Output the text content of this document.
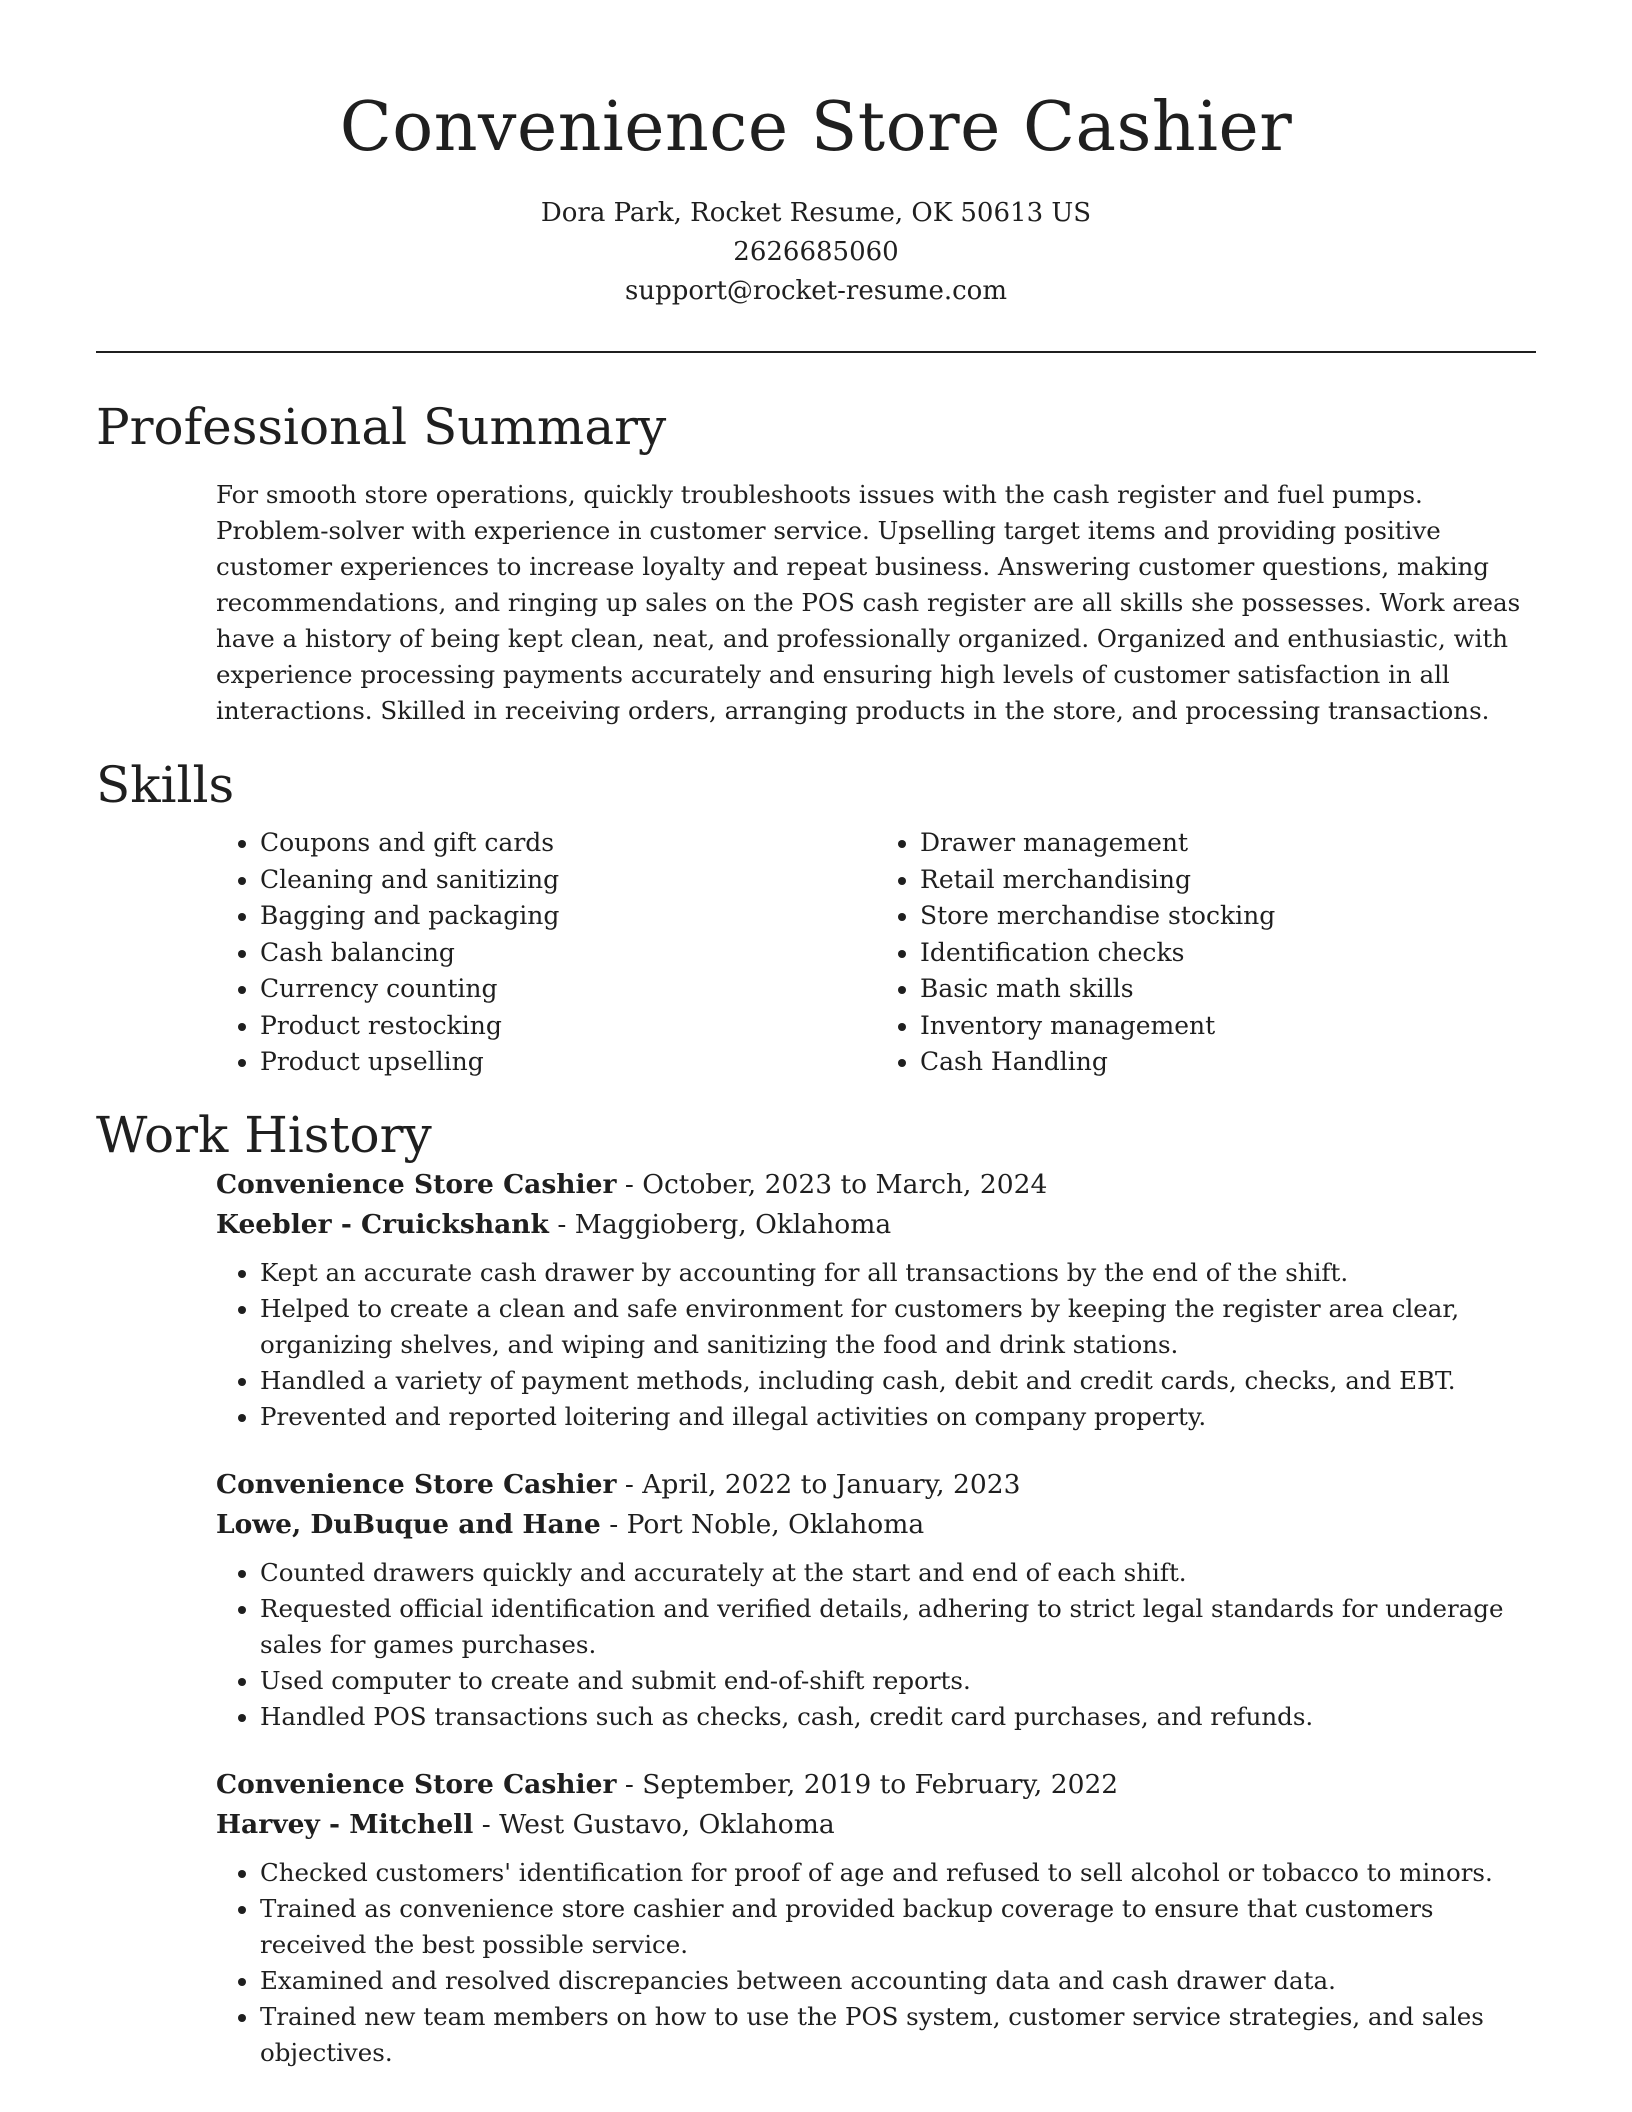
Convenience Store Cashier
Dora Park, Rocket Resume, OK 50613 US
2626685060
support@rocket-resume.com
Professional Summary
For smooth store operations, quickly troubleshoots issues with the cash register and fuel pumps. Problem-solver with experience in customer service. Upselling target items and providing positive customer experiences to increase loyalty and repeat business. Answering customer questions, making recommendations, and ringing up sales on the POS cash register are all skills she possesses. Work areas have a history of being kept clean, neat, and professionally organized. Organized and enthusiastic, with experience processing payments accurately and ensuring high levels of customer satisfaction in all interactions. Skilled in receiving orders, arranging products in the store, and processing transactions.
Skills
• Coupons and gift cards
• Cleaning and sanitizing
• Bagging and packaging
• Cash balancing
• Currency counting
• Product restocking
• Product upselling
• Drawer management
• Retail merchandising
• Store merchandise stocking
• Identification checks
• Basic math skills
• Inventory management
• Cash Handling
Work History
Convenience Store Cashier - October, 2023 to March, 2024
Keebler - Cruickshank - Maggioberg, Oklahoma
• Kept an accurate cash drawer by accounting for all transactions by the end of the shift.
• Helped to create a clean and safe environment for customers by keeping the register area clear, organizing shelves, and wiping and sanitizing the food and drink stations.
• Handled a variety of payment methods, including cash, debit and credit cards, checks, and EBT.
• Prevented and reported loitering and illegal activities on company property.
Convenience Store Cashier - April, 2022 to January, 2023
Lowe, DuBuque and Hane - Port Noble, Oklahoma
• Counted drawers quickly and accurately at the start and end of each shift.
• Requested official identification and verified details, adhering to strict legal standards for underage sales for games purchases.
• Used computer to create and submit end-of-shift reports.
• Handled POS transactions such as checks, cash, credit card purchases, and refunds.
Convenience Store Cashier - September, 2019 to February, 2022
Harvey - Mitchell - West Gustavo, Oklahoma
• Checked customers' identification for proof of age and refused to sell alcohol or tobacco to minors.
• Trained as convenience store cashier and provided backup coverage to ensure that customers received the best possible service.
• Examined and resolved discrepancies between accounting data and cash drawer data.
• Trained new team members on how to use the POS system, customer service strategies, and sales objectives.
